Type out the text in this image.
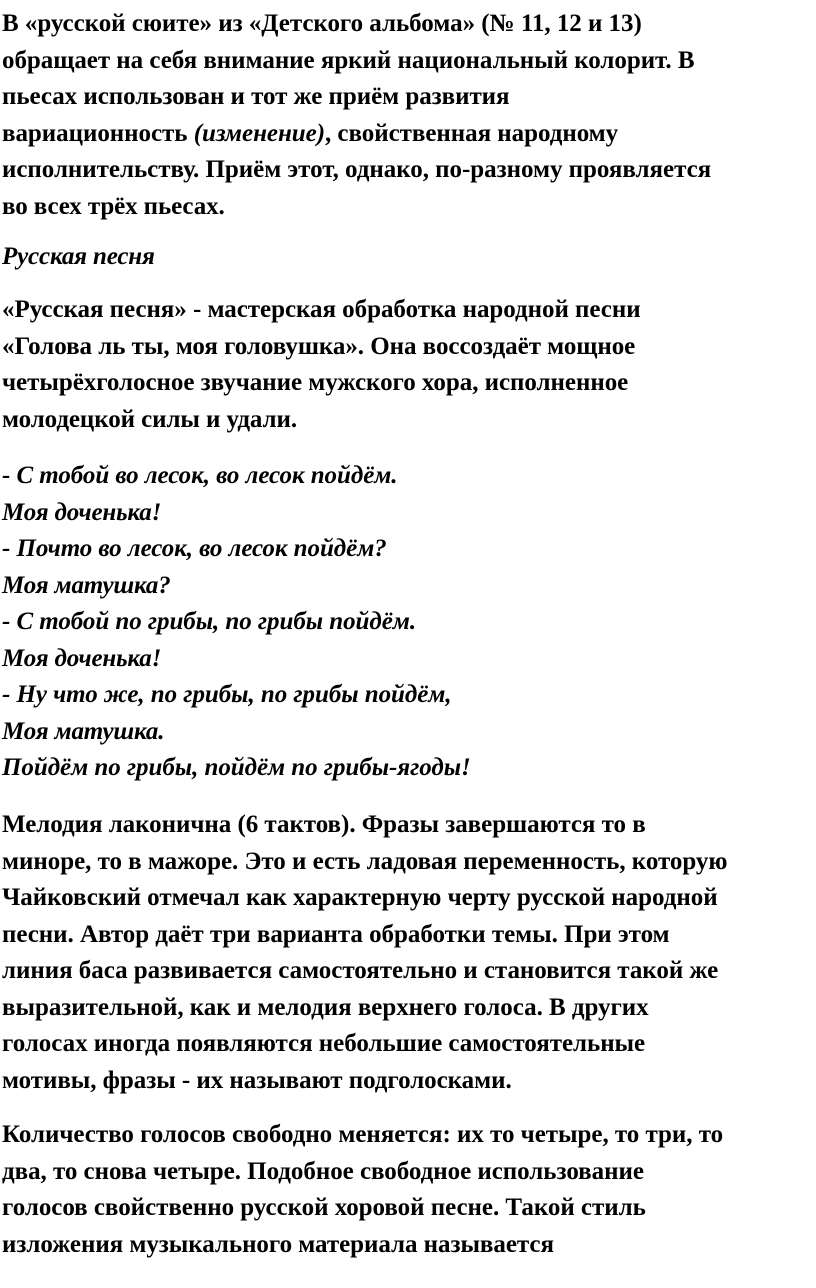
В «русской сюите» из «Детского альбома» (№ 11, 12 и 13)
обращает на себя внимание яркий национальный колорит. В
пьесах использован и тот же приём развития
вариационность (изменение), свойственная народному
исполнительству. Приём этот, однако, по-разному проявляется
во всех трёх пьесах.
Русская песня
«Русская песня» - мастерская обработка народной песни
«Голова ль ты, моя головушка». Она воссоздаёт мощное
четырёхголосное звучание мужского хора, исполненное
молодецкой силы и удали.
- С тобой во лесок, во лесок пойдём.
Моя доченька!
- Почто во лесок, во лесок пойдём?
Моя матушка?
- С тобой по грибы, по грибы пойдём.
Моя доченька!
- Ну что же, по грибы, по грибы пойдём,
Моя матушка.
Пойдём по грибы, пойдём по грибы-ягоды!
Мелодия лаконична (6 тактов). Фразы завершаются то в
миноре, то в мажоре. Это и есть ладовая переменность, которую
Чайковский отмечал как характерную черту русской народной
песни. Автор даёт три варианта обработки темы. При этом
линия баса развивается самостоятельно и становится такой же
выразительной, как и мелодия верхнего голоса. В других
голосах иногда появляются небольшие самостоятельные
мотивы, фразы - их называют подголосками.
Количество голосов свободно меняется: их то четыре, то три, то
два, то снова четыре. Подобное свободное использование
голосов свойственно русской хоровой песне. Такой стиль
изложения музыкального материала называется
